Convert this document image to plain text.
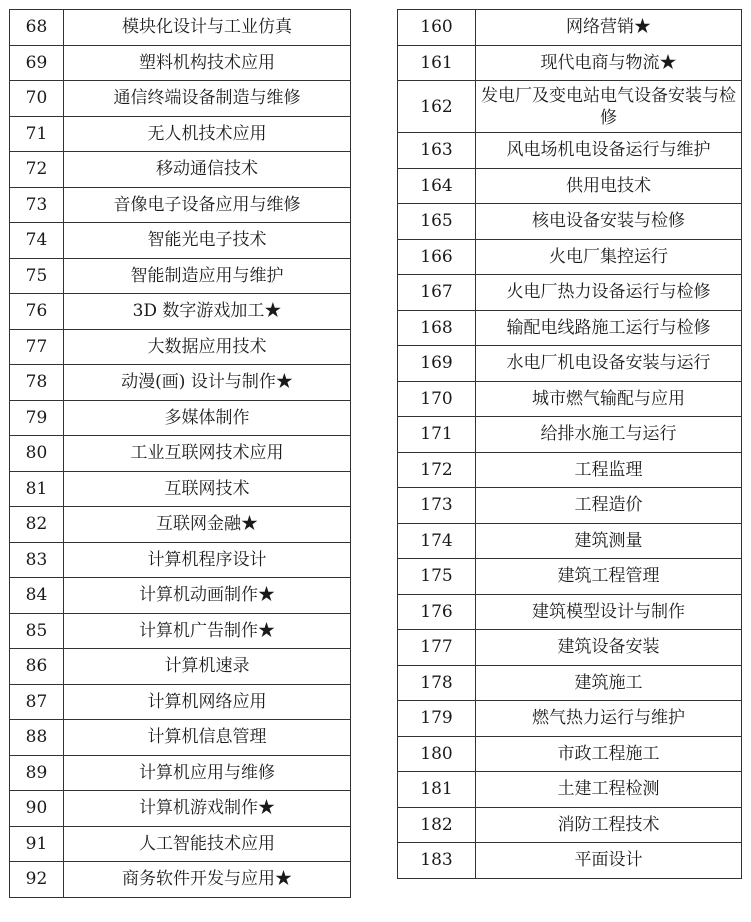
68	模块化设计与工业仿真
69	塑料机构技术应用
70	通信终端设备制造与维修
71	无人机技术应用
72	移动通信技术
73	音像电子设备应用与维修
74	智能光电子技术
75	智能制造应用与维护
76	3D 数字游戏加工★
77	大数据应用技术
78	动漫(画) 设计与制作★
79	多媒体制作
80	工业互联网技术应用
81	互联网技术
82	互联网金融★
83	计算机程序设计
84	计算机动画制作★
85	计算机广告制作★
86	计算机速录
87	计算机网络应用
88	计算机信息管理
89	计算机应用与维修
90	计算机游戏制作★
91	人工智能技术应用
92	商务软件开发与应用★
160	网络营销★
161	现代电商与物流★
162	发电厂及变电站电气设备安装与检修
163	风电场机电设备运行与维护
164	供用电技术
165	核电设备安装与检修
166	火电厂集控运行
167	火电厂热力设备运行与检修
168	输配电线路施工运行与检修
169	水电厂机电设备安装与运行
170	城市燃气输配与应用
171	给排水施工与运行
172	工程监理
173	工程造价
174	建筑测量
175	建筑工程管理
176	建筑模型设计与制作
177	建筑设备安装
178	建筑施工
179	燃气热力运行与维护
180	市政工程施工
181	土建工程检测
182	消防工程技术
183	平面设计
